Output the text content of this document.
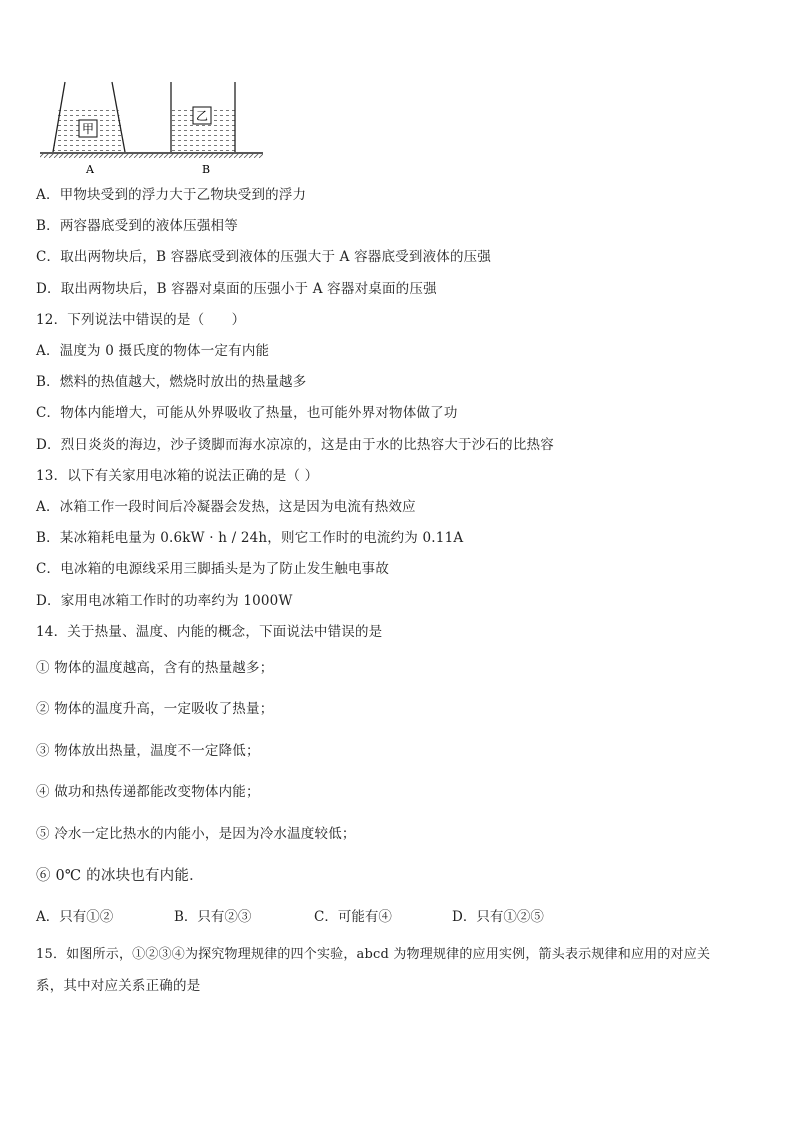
甲
乙
A	B
A．甲物块受到的浮力大于乙物块受到的浮力
B．两容器底受到的液体压强相等
C．取出两物块后，B 容器底受到液体的压强大于 A 容器底受到液体的压强
D．取出两物块后，B 容器对桌面的压强小于 A 容器对桌面的压强
12．下列说法中错误的是（　　）
A．温度为 0 摄氏度的物体一定有内能
B．燃料的热值越大，燃烧时放出的热量越多
C．物体内能增大，可能从外界吸收了热量，也可能外界对物体做了功
D．烈日炎炎的海边，沙子烫脚而海水凉凉的，这是由于水的比热容大于沙石的比热容
13．以下有关家用电冰箱的说法正确的是（ ）
A．冰箱工作一段时间后冷凝器会发热，这是因为电流有热效应
B．某冰箱耗电量为 0.6kW · h / 24h，则它工作时的电流约为 0.11A
C．电冰箱的电源线采用三脚插头是为了防止发生触电事故
D．家用电冰箱工作时的功率约为 1000W
14．关于热量、温度、内能的概念，下面说法中错误的是
① 物体的温度越高，含有的热量越多；
② 物体的温度升高，一定吸收了热量；
③ 物体放出热量，温度不一定降低；
④ 做功和热传递都能改变物体内能；
⑤ 冷水一定比热水的内能小，是因为冷水温度较低；
⑥ 0℃ 的冰块也有内能．
A．只有①②	B．只有②③	C．可能有④	D．只有①②⑤
15．如图所示，①②③④为探究物理规律的四个实验，abcd 为物理规律的应用实例，箭头表示规律和应用的对应关
系，其中对应关系正确的是
